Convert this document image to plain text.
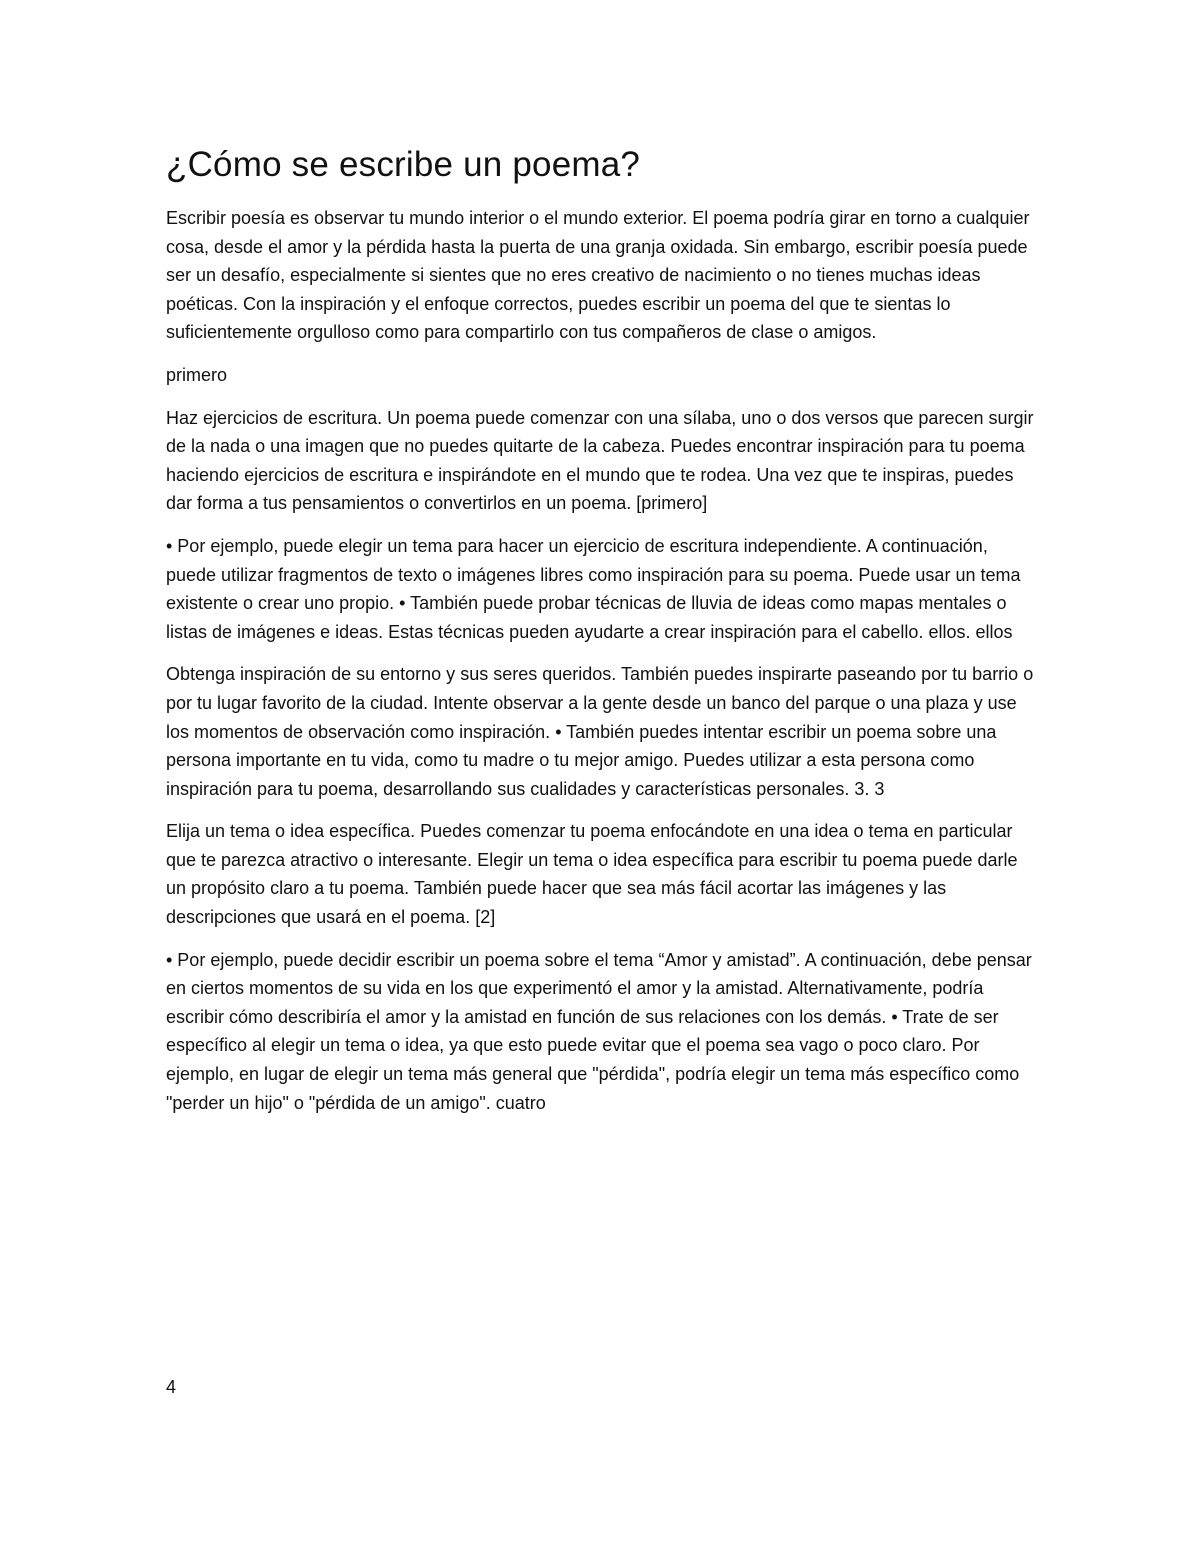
¿Cómo se escribe un poema?

Escribir poesía es observar tu mundo interior o el mundo exterior. El poema podría girar en torno a cualquier cosa, desde el amor y la pérdida hasta la puerta de una granja oxidada. Sin embargo, escribir poesía puede ser un desafío, especialmente si sientes que no eres creativo de nacimiento o no tienes muchas ideas poéticas. Con la inspiración y el enfoque correctos, puedes escribir un poema del que te sientas lo suficientemente orgulloso como para compartirlo con tus compañeros de clase o amigos.

primero

Haz ejercicios de escritura. Un poema puede comenzar con una sílaba, uno o dos versos que parecen surgir de la nada o una imagen que no puedes quitarte de la cabeza. Puedes encontrar inspiración para tu poema haciendo ejercicios de escritura e inspirándote en el mundo que te rodea. Una vez que te inspiras, puedes dar forma a tus pensamientos o convertirlos en un poema. [primero]

• Por ejemplo, puede elegir un tema para hacer un ejercicio de escritura independiente. A continuación, puede utilizar fragmentos de texto o imágenes libres como inspiración para su poema. Puede usar un tema existente o crear uno propio. • También puede probar técnicas de lluvia de ideas como mapas mentales o listas de imágenes e ideas. Estas técnicas pueden ayudarte a crear inspiración para el cabello. ellos. ellos

Obtenga inspiración de su entorno y sus seres queridos. También puedes inspirarte paseando por tu barrio o por tu lugar favorito de la ciudad. Intente observar a la gente desde un banco del parque o una plaza y use los momentos de observación como inspiración. • También puedes intentar escribir un poema sobre una persona importante en tu vida, como tu madre o tu mejor amigo. Puedes utilizar a esta persona como inspiración para tu poema, desarrollando sus cualidades y características personales. 3. 3

Elija un tema o idea específica. Puedes comenzar tu poema enfocándote en una idea o tema en particular que te parezca atractivo o interesante. Elegir un tema o idea específica para escribir tu poema puede darle un propósito claro a tu poema. También puede hacer que sea más fácil acortar las imágenes y las descripciones que usará en el poema. [2]

• Por ejemplo, puede decidir escribir un poema sobre el tema “Amor y amistad”. A continuación, debe pensar en ciertos momentos de su vida en los que experimentó el amor y la amistad. Alternativamente, podría escribir cómo describiría el amor y la amistad en función de sus relaciones con los demás. • Trate de ser específico al elegir un tema o idea, ya que esto puede evitar que el poema sea vago o poco claro. Por ejemplo, en lugar de elegir un tema más general que "pérdida", podría elegir un tema más específico como "perder un hijo" o "pérdida de un amigo". cuatro

4
